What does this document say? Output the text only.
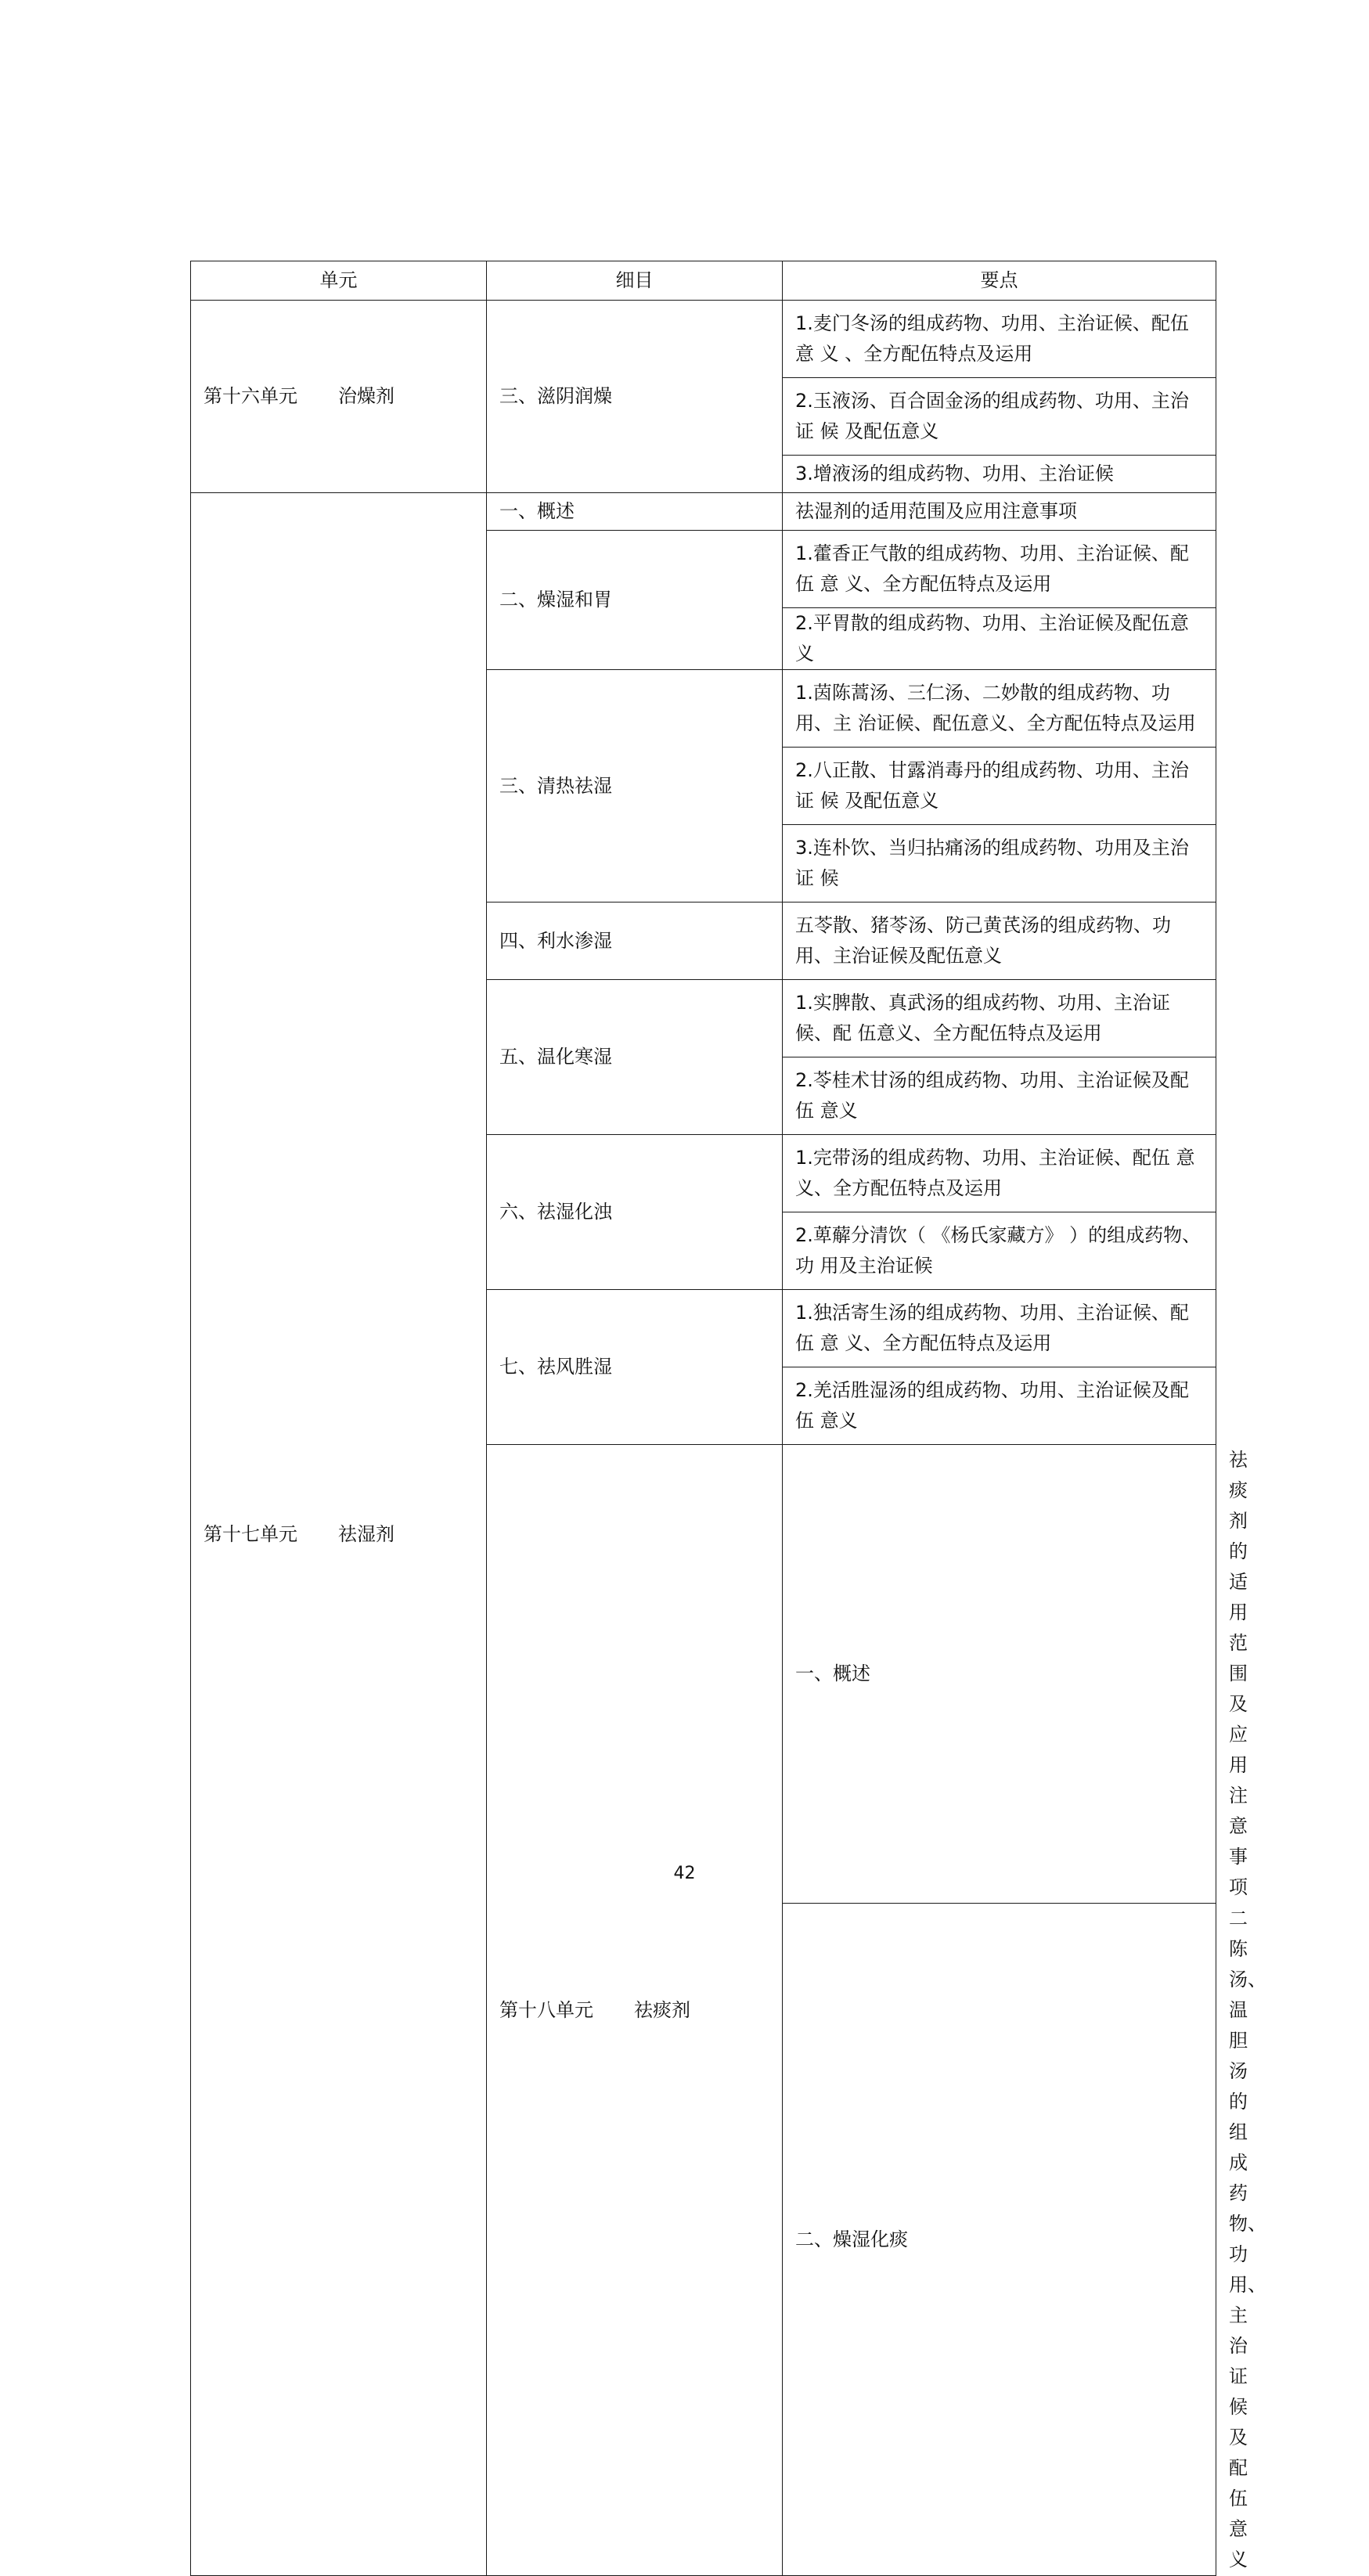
单元	细目	要点	
第十六单元 治燥剂	三、滋阴润燥	1.麦门冬汤的组成药物、功用、主治证候、配伍意 义 、全方配伍特点及运用	
		2.玉液汤、百合固金汤的组成药物、功用、主治证 候 及配伍意义	
		3.增液汤的组成药物、功用、主治证候	
第十七单元 祛湿剂	一、概述	祛湿剂的适用范围及应用注意事项	
	二、燥湿和胃	1.藿香正气散的组成药物、功用、主治证候、配伍 意 义、全方配伍特点及运用	
		2.平胃散的组成药物、功用、主治证候及配伍意义	
	三、清热祛湿	1.茵陈蒿汤、三仁汤、二妙散的组成药物、功用、主 治证候、配伍意义、全方配伍特点及运用	
		2.八正散、甘露消毒丹的组成药物、功用、主治证 候 及配伍意义	
		3.连朴饮、当归拈痛汤的组成药物、功用及主治证 候	
	四、利水渗湿	五苓散、猪苓汤、防己黄芪汤的组成药物、功 用、主治证候及配伍意义	
	五、温化寒湿	1.实脾散、真武汤的组成药物、功用、主治证候、配 伍意义、全方配伍特点及运用	
		2.苓桂术甘汤的组成药物、功用、主治证候及配伍 意义	
	六、祛湿化浊	1.完带汤的组成药物、功用、主治证候、配伍 意 义、全方配伍特点及运用	
		2.萆薢分清饮（ 《杨氏家藏方》 ）的组成药物、 功 用及主治证候	
	七、祛风胜湿	1.独活寄生汤的组成药物、功用、主治证候、配伍 意 义、全方配伍特点及运用	
		2.羌活胜湿汤的组成药物、功用、主治证候及配伍 意义	
	第十八单元 祛痰剂	一、概述	祛痰剂的适用范围及应用注意事项
		二、燥湿化痰	二陈汤、温胆汤的组成药物、功用、主治证候 及 配伍意义
42
